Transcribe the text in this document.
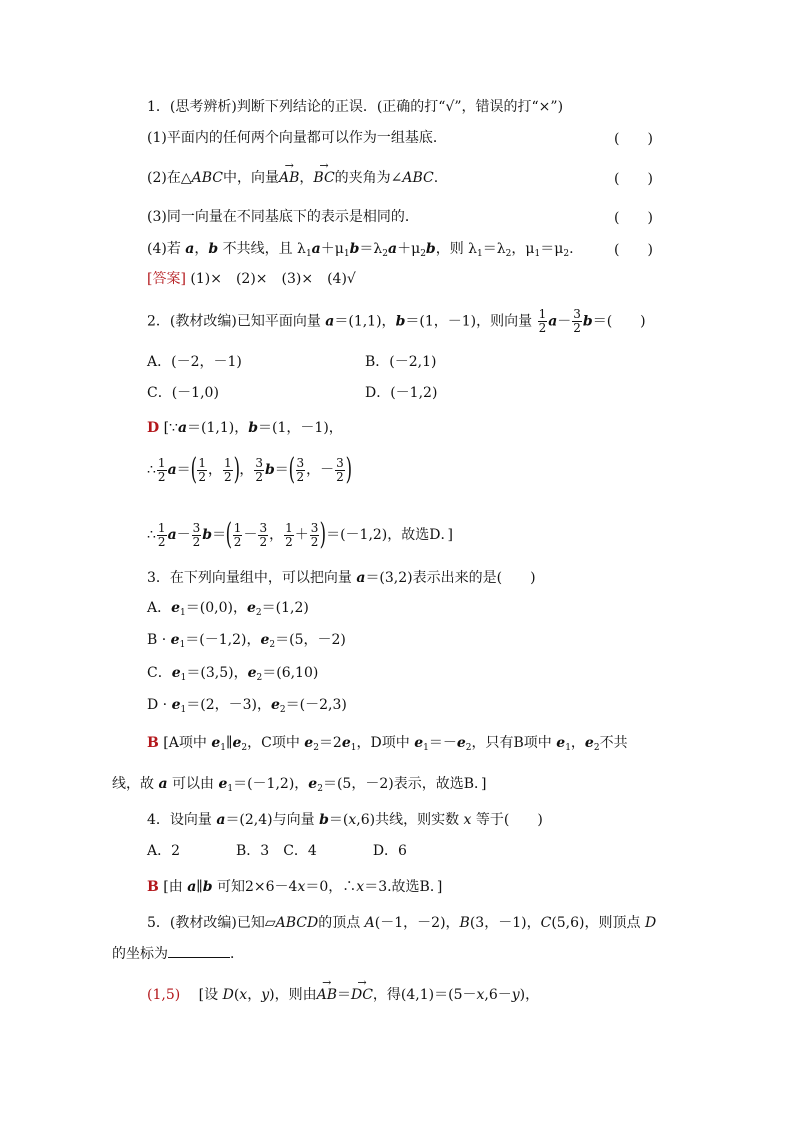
1．(思考辨析)判断下列结论的正误．(正确的打“√”，错误的打“×”)
(1)平面内的任何两个向量都可以作为一组基底．	(　　)
(2)在△ABC中，向量→ AB，→ BC的夹角为∠ABC.	(　　)
(3)同一向量在不同基底下的表示是相同的．	(　　)
(4)若 a，b 不共线，且 $\lambda_1a+\mu_1b=\lambda_2a+\mu_2b$，则 $\lambda_1=\lambda_2$，$\mu_1=\mu_2$.	(　　)
[答案] (1)×　(2)×　(3)×　(4)√
2．(教材改编)已知平面向量 a＝(1,1)，b＝(1，－1)，则向量 $\frac{1}{2} a- \frac{3}{2} b=$(　　)
A．(－2，－1)	B．(－2,1)
C．(－1,0)	D．(－1,2)
D [∵a＝(1,1)，b＝(1，－1)，
∴ $\frac{1}{2} a=( \frac{1}{2}$ ， $\frac{1}{2}$ )， $\frac{3}{2} b=( \frac{3}{2}$ ，－ $\frac{3}{2}$ )
∴ $\frac{1}{2} a- \frac{3}{2} b=( \frac{1}{2} - \frac{3}{2}$ ， $\frac{1}{2} + \frac{3}{2} )=(-1,2)$，故选D．]
3．在下列向量组中，可以把向量 a＝(3,2)表示出来的是(　　)
A．$e_1=(0,0)$，$e_2=(1,2)$
$B \cdot e_1=(-1,2)$，$e_2=(5$，－2)
C．$e_1=(3,5)$，$e_2=(6,10)$
$D \cdot e_1=(2$，－3)，$e_2=(-2,3)$
B [A项中 $e_1\parallel e_2$，C项中 $e_2=2e_1$，D项中 $e_1=-e_2$，只有B项中 $e_1$，$e_2$不共
线，故 a 可以由 $e_1=(-1,2)$，$e_2=(5$，－2)表示，故选B．]
4．设向量 a＝(2,4)与向量 b＝(x,6)共线，则实数 x 等于(　　)
A．2　　　　B．3　C．4　　　　D．6
B [由 a∥b 可知2×6－4x＝0，∴x＝3.故选B．]
5．(教材改编)已知▱ABCD的顶点 A(－1，－2)，B(3，－1)，C(5,6)，则顶点 D
的坐标为	．
(1,5) 　[设 D(x，y)，则由→ AB＝→ DC，得(4,1)＝(5－x,6－y)，
